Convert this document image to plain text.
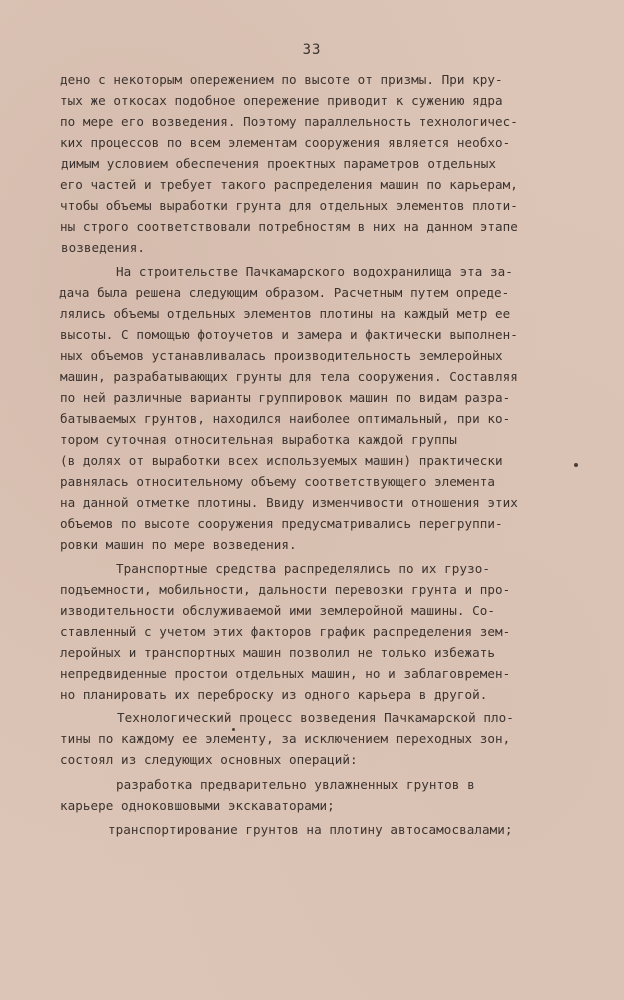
33
дено с некоторым опережением по высоте от призмы. При кру-
тых же откосах подобное опережение приводит к сужению ядра
по мере его возведения. Поэтому параллельность технологичес-
ких процессов по всем элементам сооружения является необхо-
димым условием обеспечения проектных параметров отдельных
его частей и требует такого распределения машин по карьерам,
чтобы объемы выработки грунта для отдельных элементов плоти-
ны строго соответствовали потребностям в них на данном этапе
возведения.
На строительстве Пачкамарского водохранилища эта за-
дача была решена следующим образом. Расчетным путем опреде-
лялись объемы отдельных элементов плотины на каждый метр ее
высоты. С помощью фотоучетов и замера и фактически выполнен-
ных объемов устанавливалась производительность землеройных
машин, разрабатывающих грунты для тела сооружения. Составляя
по ней различные варианты группировок машин по видам разра-
батываемых грунтов, находился наиболее оптимальный, при ко-
тором суточная относительная выработка каждой группы
(в долях от выработки всех используемых машин) практически
равнялась относительному объему соответствующего элемента
на данной отметке плотины. Ввиду изменчивости отношения этих
объемов по высоте сооружения предусматривались перегруппи-
ровки машин по мере возведения.
Транспортные средства распределялись по их грузо-
подъемности, мобильности, дальности перевозки грунта и про-
изводительности обслуживаемой ими землеройной машины. Со-
ставленный с учетом этих факторов график распределения зем-
леройных и транспортных машин позволил не только избежать
непредвиденные простои отдельных машин, но и заблаговремен-
но планировать их переброску из одного карьера в другой.
Технологический процесс возведения Пачкамарской пло-
тины по каждому ее элементу, за исключением переходных зон,
состоял из следующих основных операций:
разработка предварительно увлажненных грунтов в
карьере одноковшовыми экскаваторами;
транспортирование грунтов на плотину автосамосвалами;
